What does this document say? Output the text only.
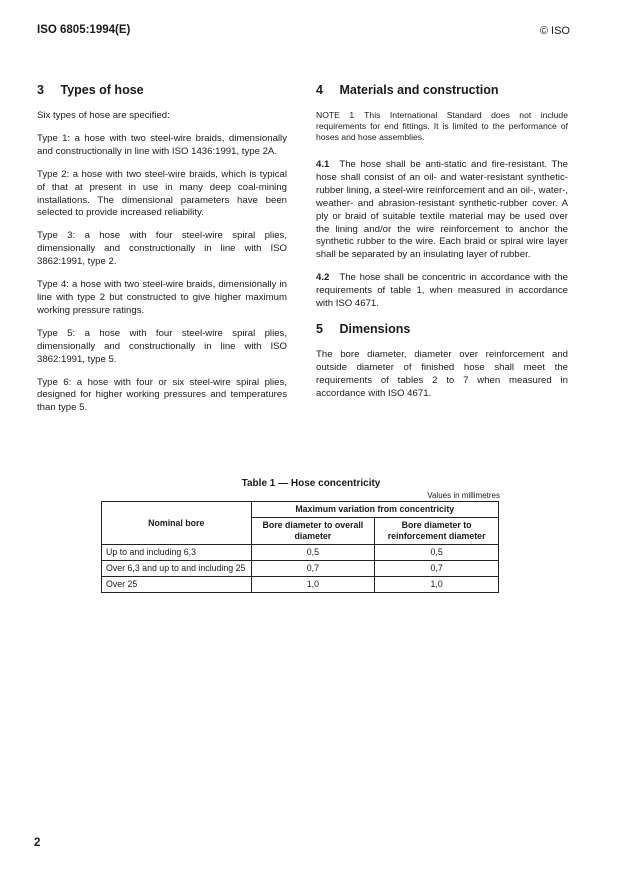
ISO 6805:1994(E)	© ISO
3 Types of hose

Six types of hose are specified:

Type 1: a hose with two steel-wire braids, dimensionally and constructionally in line with ISO 1436:1991, type 2A.

Type 2: a hose with two steel-wire braids, which is typical of that at present in use in many deep coal-mining installations. The dimensional parameters have been selected to provide increased reliability.

Type 3: a hose with four steel-wire spiral plies, dimensionally and constructionally in line with ISO 3862:1991, type 2.

Type 4: a hose with two steel-wire braids, dimensionally in line with type 2 but constructed to give higher maximum working pressure ratings.

Type 5: a hose with four steel-wire spiral plies, dimensionally and constructionally in line with ISO 3862:1991, type 5.

Type 6: a hose with four or six steel-wire spiral plies, designed for higher working pressures and temperatures than type 5.

4 Materials and construction

NOTE 1 This International Standard does not include requirements for end fittings. It is limited to the performance of hoses and hose assemblies.

4.1 The hose shall be anti-static and fire-resistant. The hose shall consist of an oil- and water-resistant synthetic-rubber lining, a steel-wire reinforcement and an oil-, water-, weather- and abrasion-resistant synthetic-rubber cover. A ply or braid of suitable textile material may be used over the lining and/or the wire reinforcement to anchor the synthetic rubber to the wire. Each braid or spiral wire layer shall be separated by an insulating layer of rubber.

4.2 The hose shall be concentric in accordance with the requirements of table 1, when measured in accordance with ISO 4671.

5 Dimensions

The bore diameter, diameter over reinforcement and outside diameter of finished hose shall meet the requirements of tables 2 to 7 when measured in accordance with ISO 4671.

Table 1 — Hose concentricity
Values in millimetres
Nominal bore	Maximum variation from concentricity	
	Bore diameter to overall diameter	Bore diameter to reinforcement diameter
Up to and including 6,3	0,5	0,5
Over 6,3 and up to and including 25	0,7	0,7
Over 25	1,0	1,0
2
